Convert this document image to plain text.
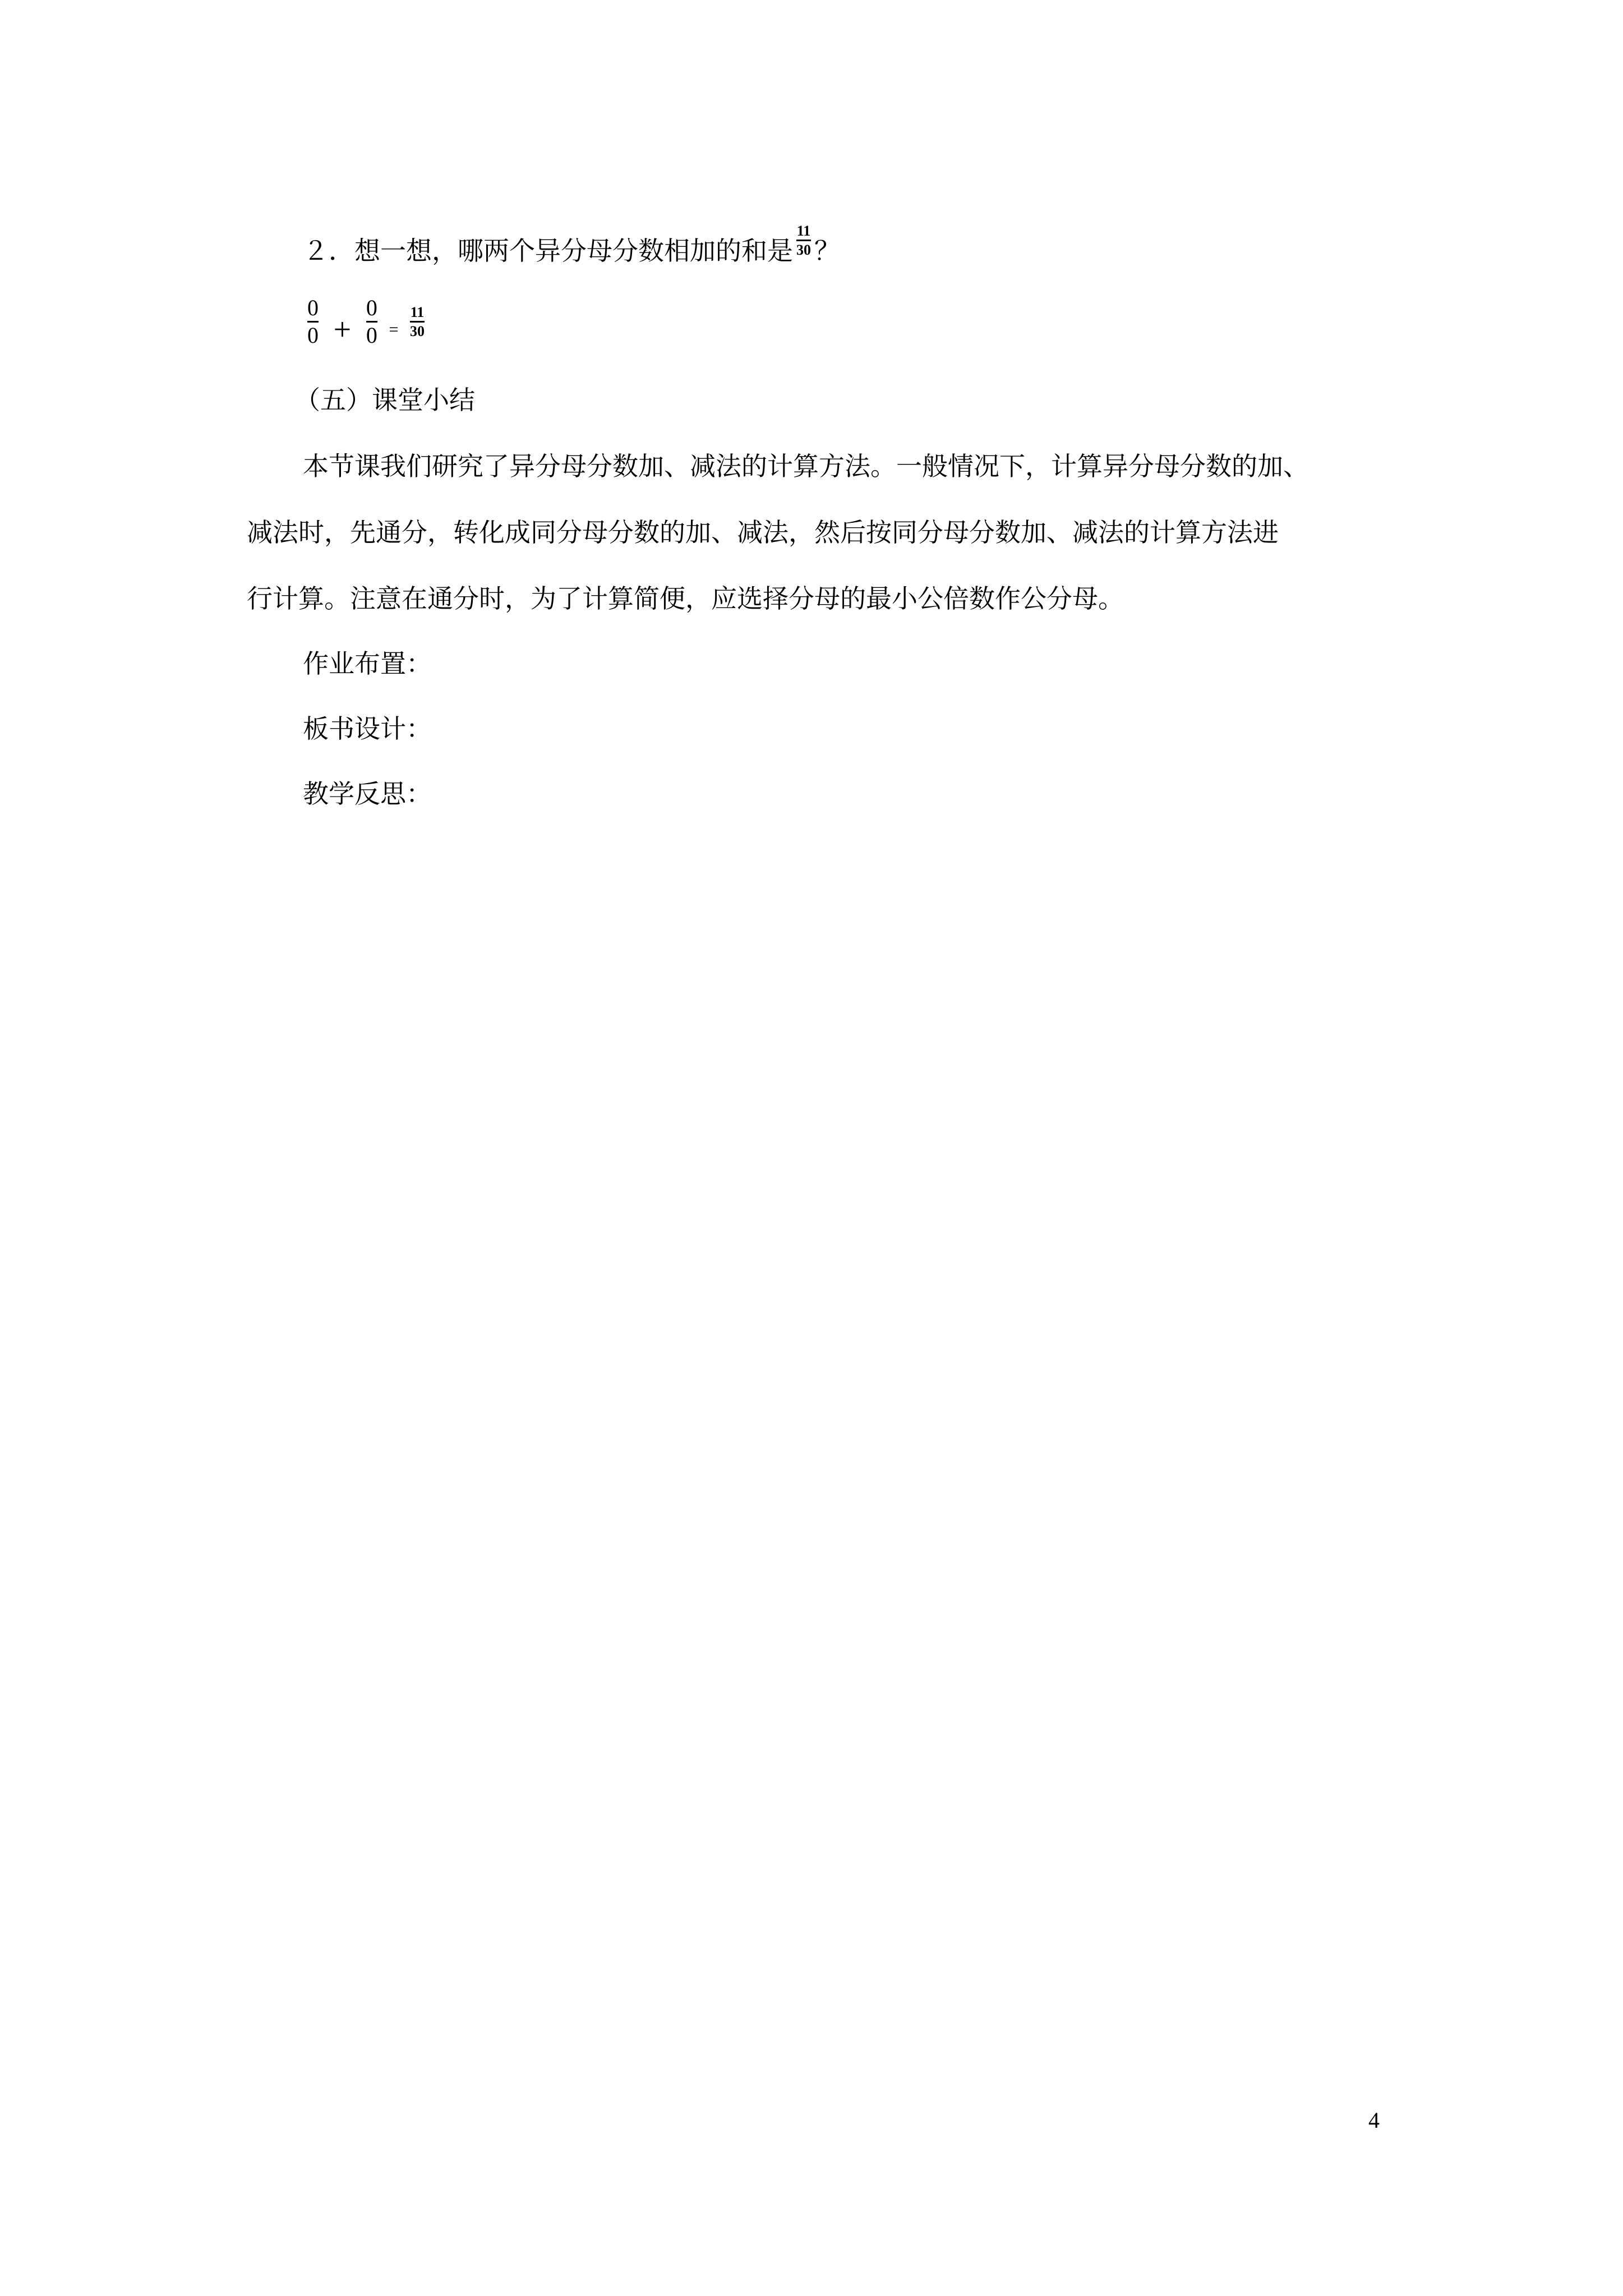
２．想一想，哪两个异分母分数相加的和是 $\frac{11}{30}$ ？
$\frac{0}{0} + \frac{0}{0} = \frac{11}{30}$
（五）课堂小结
本节课我们研究了异分母分数加、减法的计算方法。一般情况下，计算异分母分数的加、
减法时，先通分，转化成同分母分数的加、减法，然后按同分母分数加、减法的计算方法进
行计算。注意在通分时，为了计算简便，应选择分母的最小公倍数作公分母。
作业布置：
板书设计：
教学反思：
4
